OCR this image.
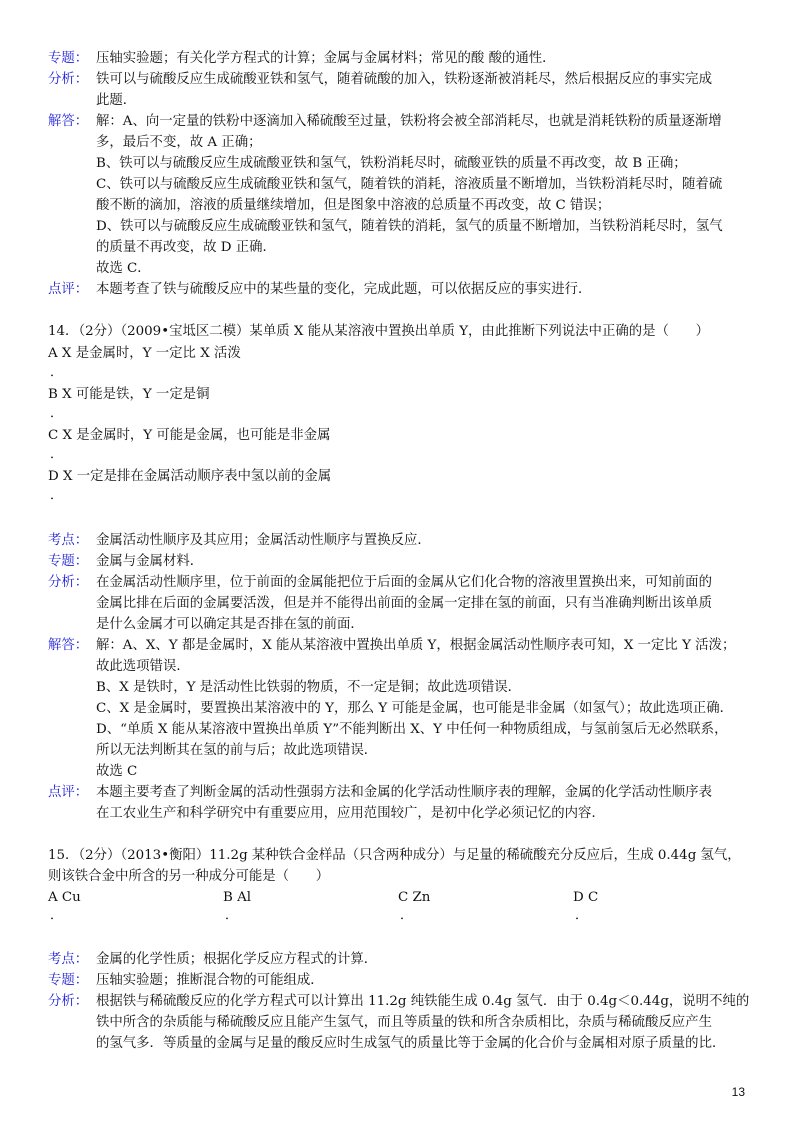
专题： 压轴实验题；有关化学方程式的计算；金属与金属材料；常见的酸 酸的通性．
分析： 铁可以与硫酸反应生成硫酸亚铁和氢气，随着硫酸的加入，铁粉逐渐被消耗尽，然后根据反应的事实完成
此题．
解答： 解：A、向一定量的铁粉中逐滴加入稀硫酸至过量，铁粉将会被全部消耗尽，也就是消耗铁粉的质量逐渐增
多，最后不变，故 A 正确；
B、铁可以与硫酸反应生成硫酸亚铁和氢气，铁粉消耗尽时，硫酸亚铁的质量不再改变，故 B 正确；
C、铁可以与硫酸反应生成硫酸亚铁和氢气，随着铁的消耗，溶液质量不断增加，当铁粉消耗尽时，随着硫
酸不断的滴加，溶液的质量继续增加，但是图象中溶液的总质量不再改变，故 C 错误；
D、铁可以与硫酸反应生成硫酸亚铁和氢气，随着铁的消耗，氢气的质量不断增加，当铁粉消耗尽时，氢气
的质量不再改变，故 D 正确．
故选 C．
点评： 本题考查了铁与硫酸反应中的某些量的变化，完成此题，可以依据反应的事实进行．
14．（2分）（2009•宝坻区二模）某单质 X 能从某溶液中置换出单质 Y，由此推断下列说法中正确的是（　　）
A X 是金属时，Y 一定比 X 活泼
．
B X 可能是铁，Y 一定是铜
．
C X 是金属时，Y 可能是金属，也可能是非金属
．
D X 一定是排在金属活动顺序表中氢以前的金属
．
考点： 金属活动性顺序及其应用；金属活动性顺序与置换反应．
专题： 金属与金属材料．
分析： 在金属活动性顺序里，位于前面的金属能把位于后面的金属从它们化合物的溶液里置换出来，可知前面的
金属比排在后面的金属要活泼，但是并不能得出前面的金属一定排在氢的前面，只有当准确判断出该单质
是什么金属才可以确定其是否排在氢的前面．
解答： 解：A、X、Y 都是金属时，X 能从某溶液中置换出单质 Y，根据金属活动性顺序表可知，X 一定比 Y 活泼；
故此选项错误．
B、X 是铁时，Y 是活动性比铁弱的物质，不一定是铜；故此选项错误．
C、X 是金属时，要置换出某溶液中的 Y，那么 Y 可能是金属，也可能是非金属（如氢气）；故此选项正确．
D、“单质 X 能从某溶液中置换出单质 Y”不能判断出 X、Y 中任何一种物质组成，与氢前氢后无必然联系，
所以无法判断其在氢的前与后；故此选项错误．
故选 C
点评： 本题主要考查了判断金属的活动性强弱方法和金属的化学活动性顺序表的理解，金属的化学活动性顺序表
在工农业生产和科学研究中有重要应用，应用范围较广，是初中化学必须记忆的内容．
15．（2分）（2013•衡阳）11.2g 某种铁合金样品（只含两种成分）与足量的稀硫酸充分反应后，生成 0.44g 氢气，
则该铁合金中所含的另一种成分可能是（　　）
A Cu	B Al	C Zn	D C
．	．	．	．
考点： 金属的化学性质；根据化学反应方程式的计算．
专题： 压轴实验题；推断混合物的可能组成．
分析： 根据铁与稀硫酸反应的化学方程式可以计算出 11.2g 纯铁能生成 0.4g 氢气．由于 0.4g＜0.44g，说明不纯的
铁中所含的杂质能与稀硫酸反应且能产生氢气，而且等质量的铁和所含杂质相比，杂质与稀硫酸反应产生
的氢气多．等质量的金属与足量的酸反应时生成氢气的质量比等于金属的化合价与金属相对原子质量的比．
13
